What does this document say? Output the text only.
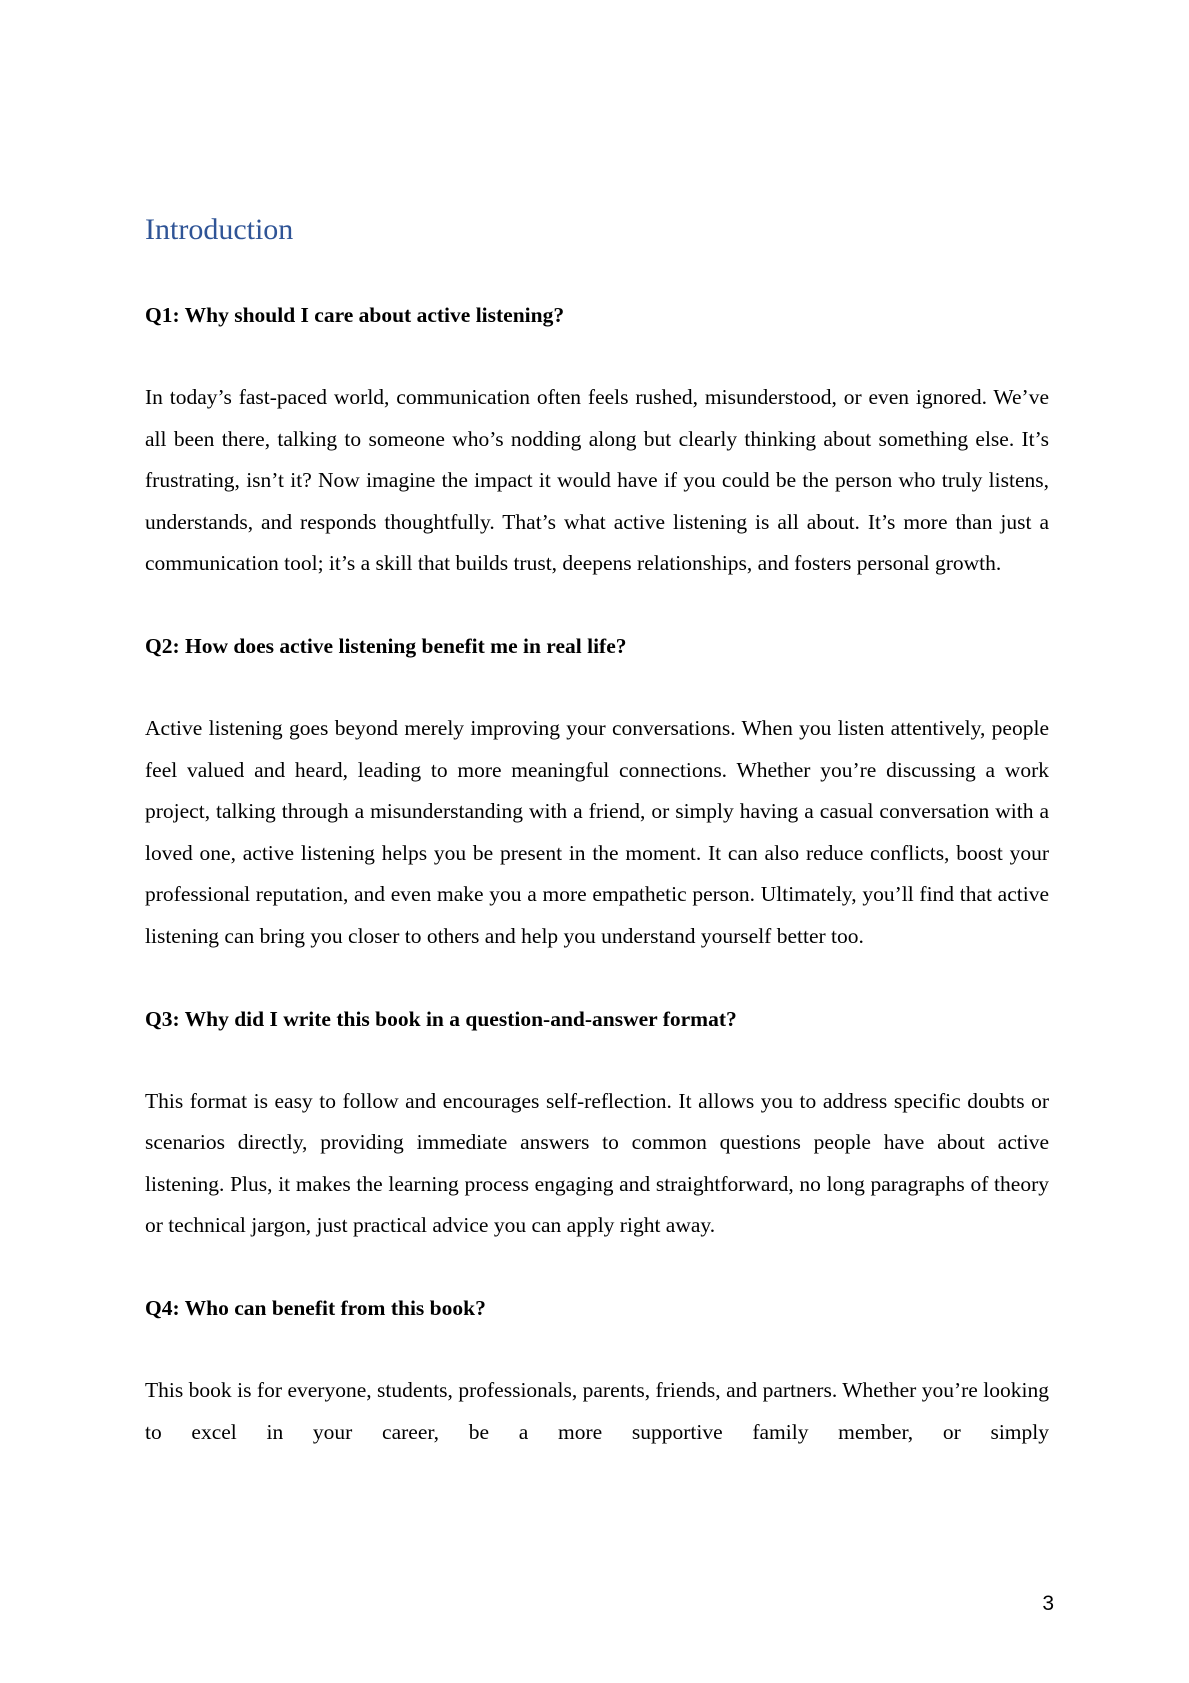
Introduction

Q1: Why should I care about active listening?

In today’s fast-paced world, communication often feels rushed, misunderstood, or even ignored. We’ve all been there, talking to someone who’s nodding along but clearly thinking about something else. It’s frustrating, isn’t it? Now imagine the impact it would have if you could be the person who truly listens, understands, and responds thoughtfully. That’s what active listening is all about. It’s more than just a communication tool; it’s a skill that builds trust, deepens relationships, and fosters personal growth.

Q2: How does active listening benefit me in real life?

Active listening goes beyond merely improving your conversations. When you listen attentively, people feel valued and heard, leading to more meaningful connections. Whether you’re discussing a work project, talking through a misunderstanding with a friend, or simply having a casual conversation with a loved one, active listening helps you be present in the moment. It can also reduce conflicts, boost your professional reputation, and even make you a more empathetic person. Ultimately, you’ll find that active listening can bring you closer to others and help you understand yourself better too.

Q3: Why did I write this book in a question-and-answer format?

This format is easy to follow and encourages self-reflection. It allows you to address specific doubts or scenarios directly, providing immediate answers to common questions people have about active listening. Plus, it makes the learning process engaging and straightforward, no long paragraphs of theory or technical jargon, just practical advice you can apply right away.

Q4: Who can benefit from this book?

This book is for everyone, students, professionals, parents, friends, and partners. Whether you’re looking to excel in your career, be a more supportive family member, or simply

3
